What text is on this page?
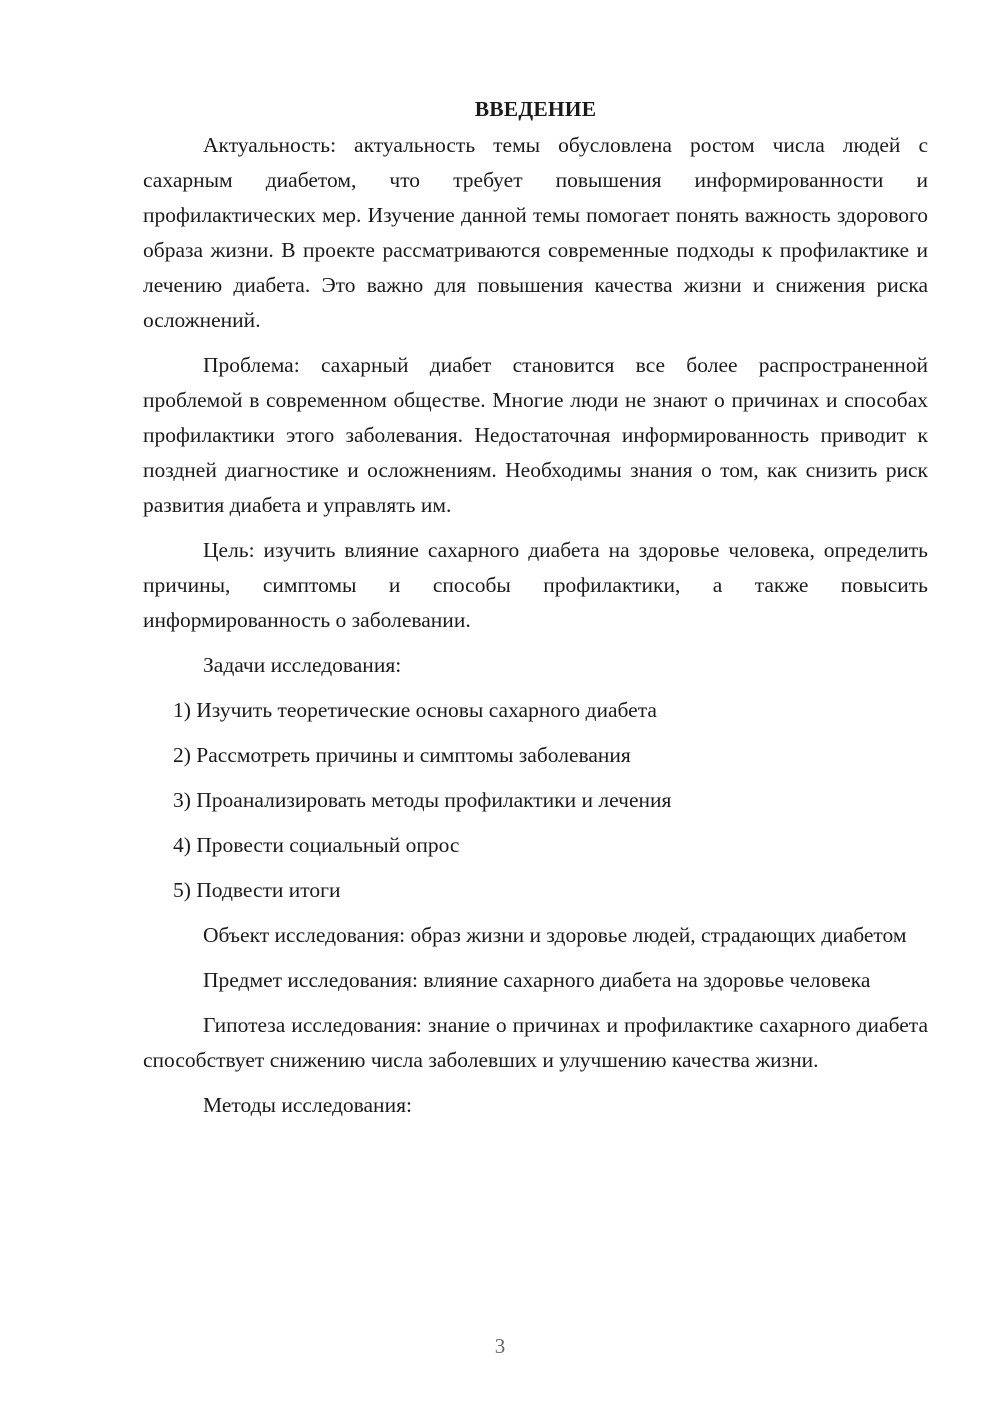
ВВЕДЕНИЕ

Актуальность: актуальность темы обусловлена ростом числа людей с сахарным диабетом, что требует повышения информированности и профилактических мер. Изучение данной темы помогает понять важность здорового образа жизни. В проекте рассматриваются современные подходы к профилактике и лечению диабета. Это важно для повышения качества жизни и снижения риска осложнений.

Проблема: сахарный диабет становится все более распространенной проблемой в современном обществе. Многие люди не знают о причинах и способах профилактики этого заболевания. Недостаточная информированность приводит к поздней диагностике и осложнениям. Необходимы знания о том, как снизить риск развития диабета и управлять им.

Цель: изучить влияние сахарного диабета на здоровье человека, определить причины, симптомы и способы профилактики, а также повысить информированность о заболевании.

Задачи исследования:

1) Изучить теоретические основы сахарного диабета
2) Рассмотреть причины и симптомы заболевания
3) Проанализировать методы профилактики и лечения
4) Провести социальный опрос
5) Подвести итоги

Объект исследования: образ жизни и здоровье людей, страдающих диабетом

Предмет исследования: влияние сахарного диабета на здоровье человека

Гипотеза исследования: знание о причинах и профилактике сахарного диабета способствует снижению числа заболевших и улучшению качества жизни.

Методы исследования:

3
